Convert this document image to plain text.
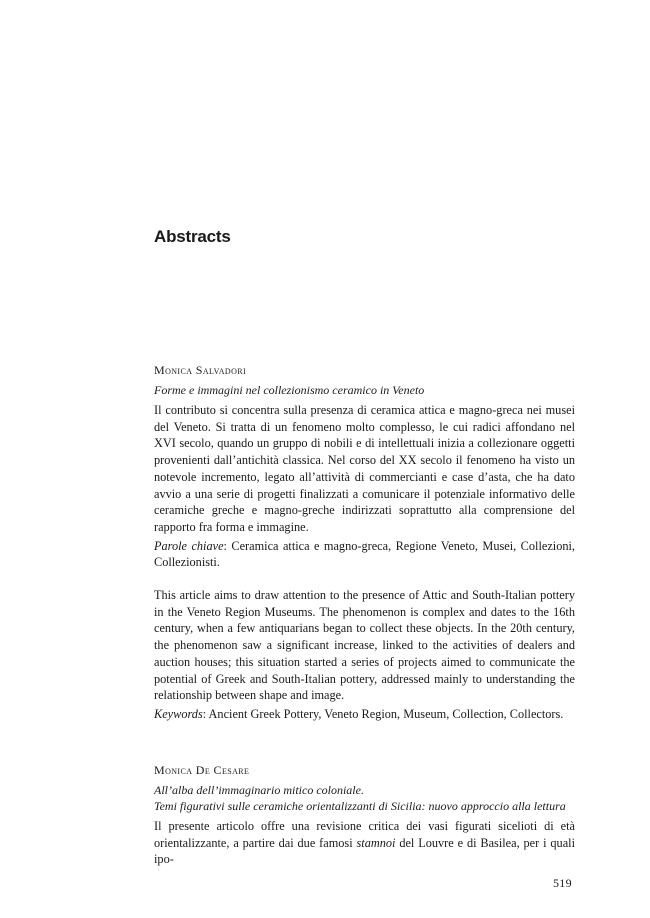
Abstracts

Monica Salvadori

Forme e immagini nel collezionismo ceramico in Veneto

Il contributo si concentra sulla presenza di ceramica attica e magno-greca nei musei del Veneto. Si tratta di un fenomeno molto complesso, le cui radici affondano nel XVI secolo, quando un gruppo di nobili e di intellettuali inizia a collezionare oggetti provenienti dall’antichità classica. Nel corso del XX secolo il fenomeno ha visto un notevole incremento, legato all’attività di commercianti e case d’asta, che ha dato avvio a una serie di progetti finalizzati a comunicare il potenziale informativo delle ceramiche greche e magno-greche indirizzati soprattutto alla comprensione del rapporto fra forma e immagine.

Parole chiave: Ceramica attica e magno-greca, Regione Veneto, Musei, Collezioni, Collezionisti.

This article aims to draw attention to the presence of Attic and South-Italian pottery in the Veneto Region Museums. The phenomenon is complex and dates to the 16th century, when a few antiquarians began to collect these objects. In the 20th century, the phenomenon saw a significant increase, linked to the activities of dealers and auction houses; this situation started a series of projects aimed to communicate the potential of Greek and South-Italian pottery, addressed mainly to understanding the relationship between shape and image.

Keywords: Ancient Greek Pottery, Veneto Region, Museum, Collection, Collectors.

Monica De Cesare

All’alba dell’immaginario mitico coloniale.

Temi figurativi sulle ceramiche orientalizzanti di Sicilia: nuovo approccio alla lettura

Il presente articolo offre una revisione critica dei vasi figurati sicelioti di età orientalizzante, a partire dai due famosi stamnoi del Louvre e di Basilea, per i quali ipo-

519
